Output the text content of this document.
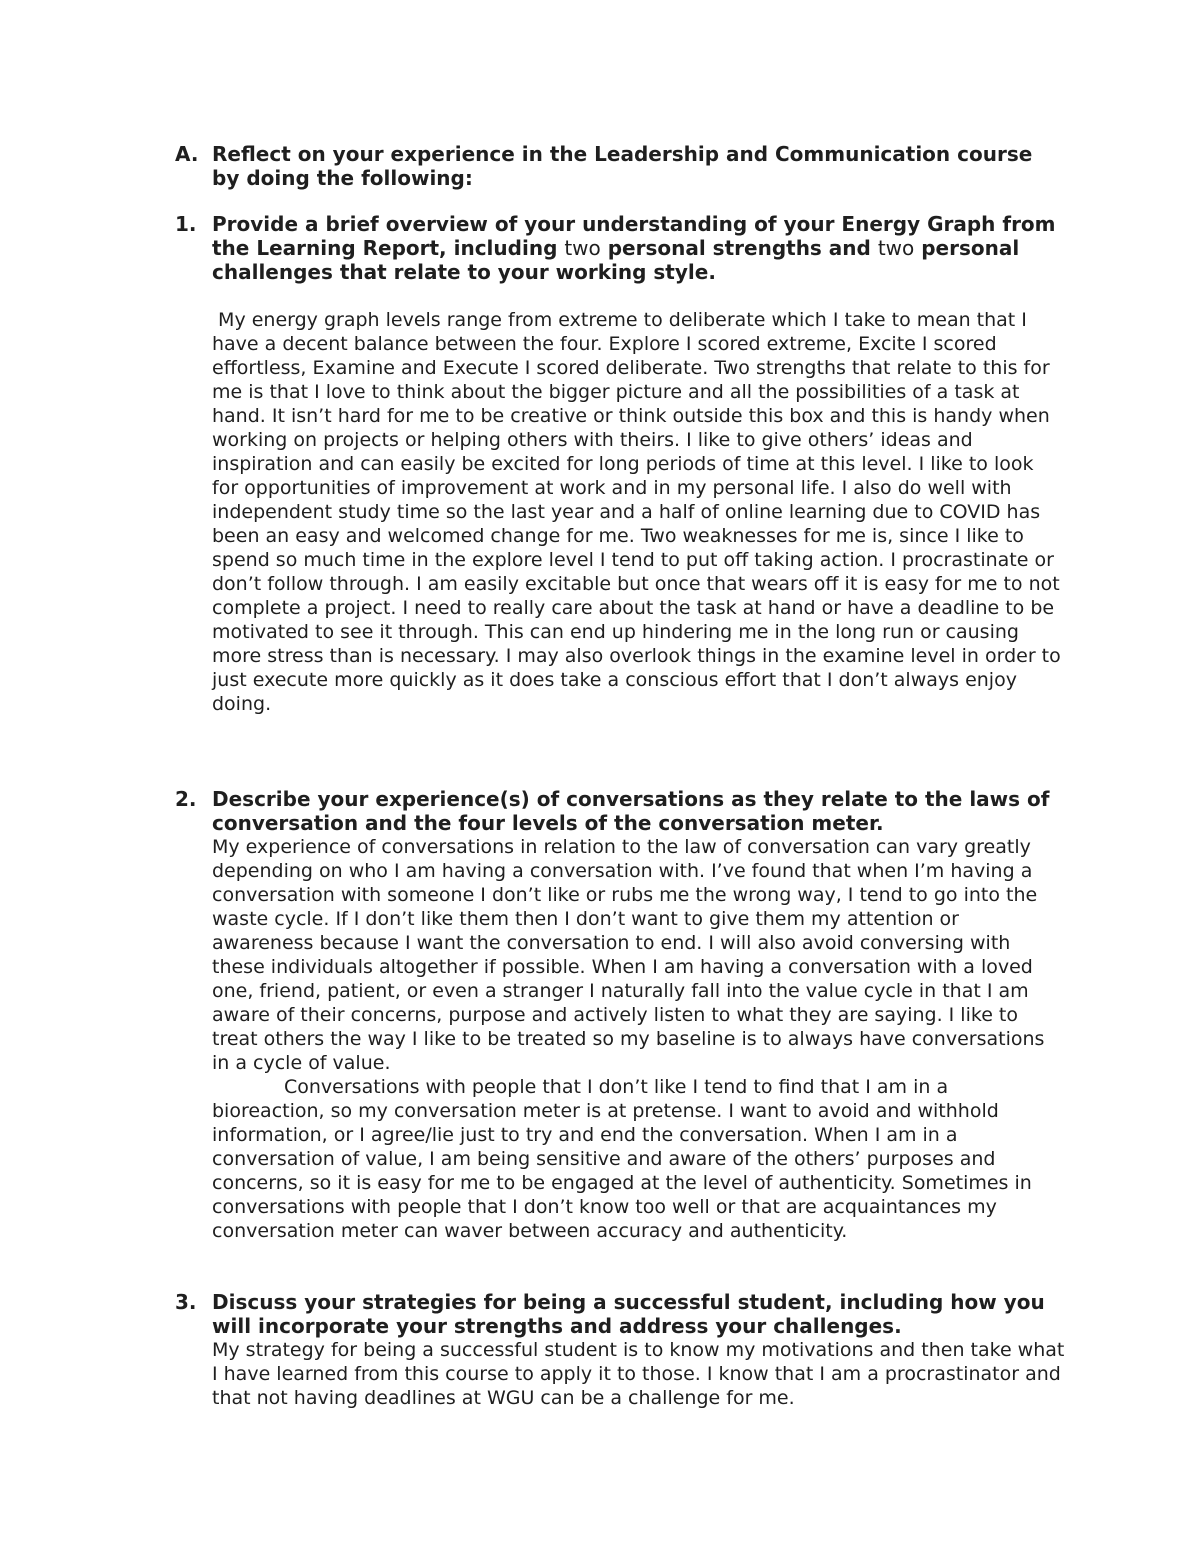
A. Reflect on your experience in the Leadership and Communication course by doing the following:

1. Provide a brief overview of your understanding of your Energy Graph from the Learning Report, including two personal strengths and two personal challenges that relate to your working style.

My energy graph levels range from extreme to deliberate which I take to mean that I have a decent balance between the four. Explore I scored extreme, Excite I scored effortless, Examine and Execute I scored deliberate. Two strengths that relate to this for me is that I love to think about the bigger picture and all the possibilities of a task at hand. It isn’t hard for me to be creative or think outside this box and this is handy when working on projects or helping others with theirs. I like to give others’ ideas and inspiration and can easily be excited for long periods of time at this level. I like to look for opportunities of improvement at work and in my personal life. I also do well with independent study time so the last year and a half of online learning due to COVID has been an easy and welcomed change for me. Two weaknesses for me is, since I like to spend so much time in the explore level I tend to put off taking action. I procrastinate or don’t follow through. I am easily excitable but once that wears off it is easy for me to not complete a project. I need to really care about the task at hand or have a deadline to be motivated to see it through. This can end up hindering me in the long run or causing more stress than is necessary. I may also overlook things in the examine level in order to just execute more quickly as it does take a conscious effort that I don’t always enjoy doing.

2. Describe your experience(s) of conversations as they relate to the laws of conversation and the four levels of the conversation meter.

My experience of conversations in relation to the law of conversation can vary greatly depending on who I am having a conversation with. I’ve found that when I’m having a conversation with someone I don’t like or rubs me the wrong way, I tend to go into the waste cycle. If I don’t like them then I don’t want to give them my attention or awareness because I want the conversation to end. I will also avoid conversing with these individuals altogether if possible. When I am having a conversation with a loved one, friend, patient, or even a stranger I naturally fall into the value cycle in that I am aware of their concerns, purpose and actively listen to what they are saying. I like to treat others the way I like to be treated so my baseline is to always have conversations in a cycle of value.

Conversations with people that I don’t like I tend to find that I am in a bioreaction, so my conversation meter is at pretense. I want to avoid and withhold information, or I agree/lie just to try and end the conversation. When I am in a conversation of value, I am being sensitive and aware of the others’ purposes and concerns, so it is easy for me to be engaged at the level of authenticity. Sometimes in conversations with people that I don’t know too well or that are acquaintances my conversation meter can waver between accuracy and authenticity.

3. Discuss your strategies for being a successful student, including how you will incorporate your strengths and address your challenges.

My strategy for being a successful student is to know my motivations and then take what I have learned from this course to apply it to those. I know that I am a procrastinator and that not having deadlines at WGU can be a challenge for me.
